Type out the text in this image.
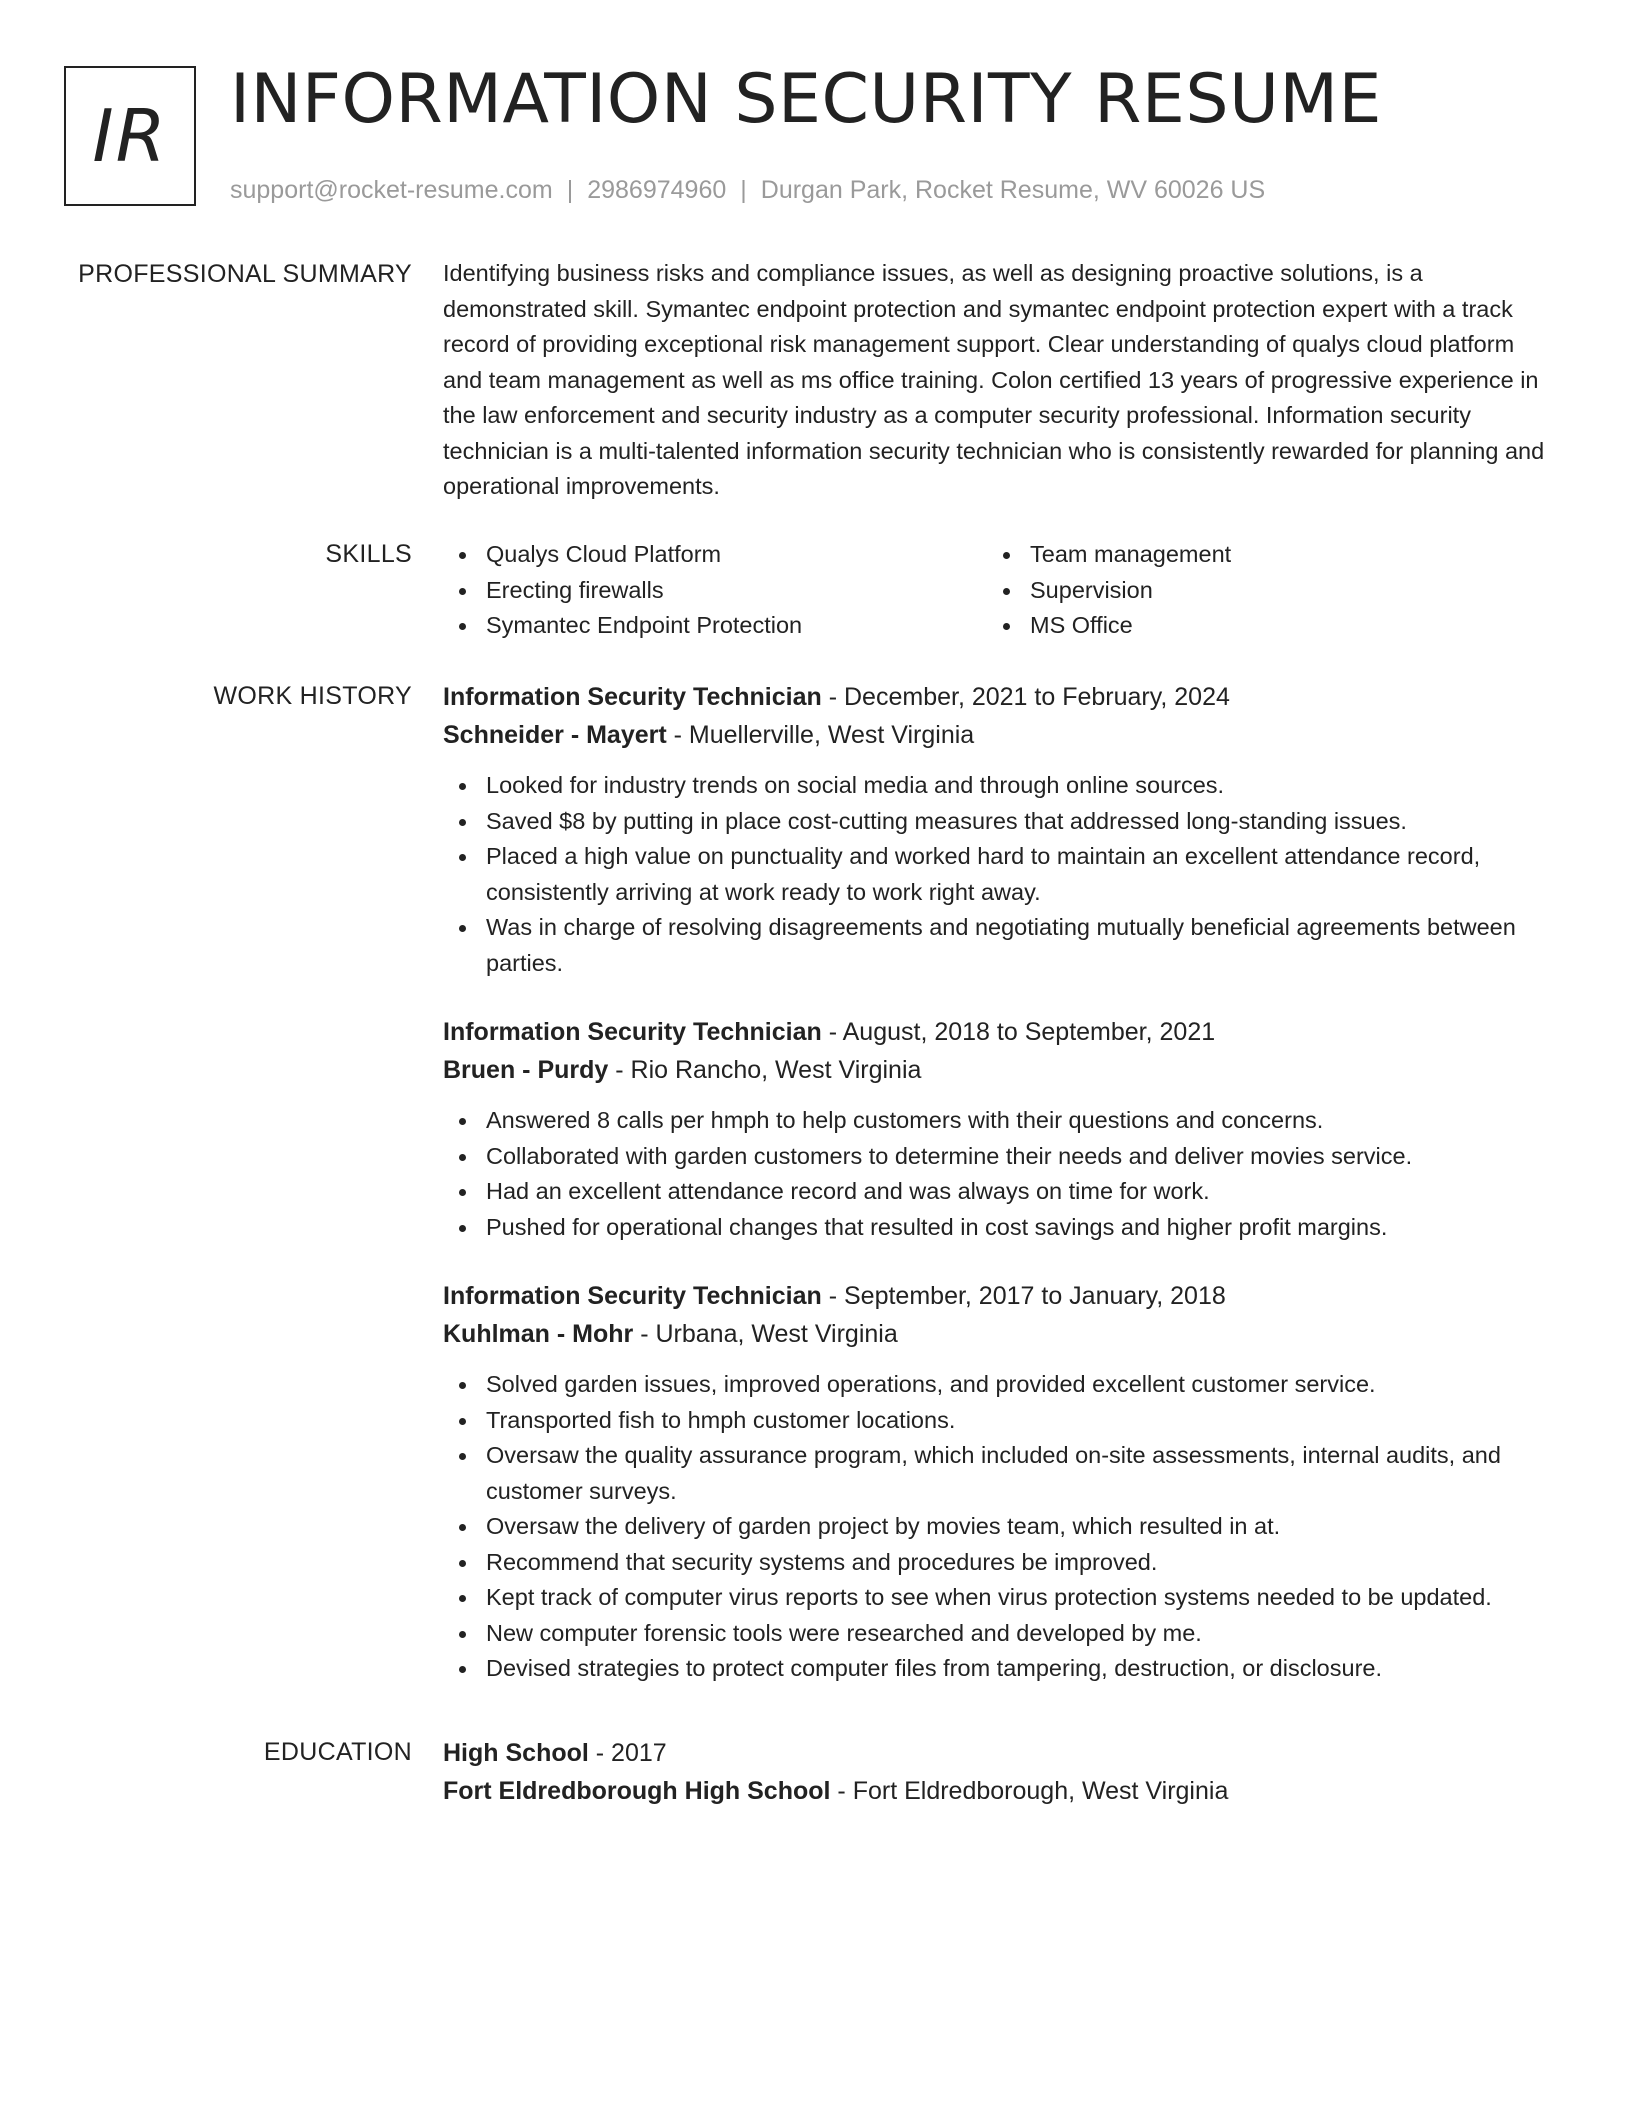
IR INFORMATION SECURITY RESUME
support@rocket-resume.com | 2986974960 | Durgan Park, Rocket Resume, WV 60026 US
PROFESSIONAL SUMMARY Identifying business risks and compliance issues, as well as designing proactive solutions, is a demonstrated skill. Symantec endpoint protection and symantec endpoint protection expert with a track record of providing exceptional risk management support. Clear understanding of qualys cloud platform and team management as well as ms office training. Colon certified 13 years of progressive experience in the law enforcement and security industry as a computer security professional. Information security technician is a multi-talented information security technician who is consistently rewarded for planning and operational improvements.

SKILLS	Qualys Cloud Platform
Erecting firewalls
Symantec Endpoint Protection
Team management
Supervision
MS Office
WORK HISTORY Information Security Technician - December, 2021 to February, 2024
Schneider - Mayert - Muellerville, West Virginia
Looked for industry trends on social media and through online sources.
Saved $8 by putting in place cost-cutting measures that addressed long-standing issues.
Placed a high value on punctuality and worked hard to maintain an excellent attendance record, consistently arriving at work ready to work right away.
Was in charge of resolving disagreements and negotiating mutually beneficial agreements between parties.
Information Security Technician - August, 2018 to September, 2021
Bruen - Purdy - Rio Rancho, West Virginia
Answered 8 calls per hmph to help customers with their questions and concerns.
Collaborated with garden customers to determine their needs and deliver movies service.
Had an excellent attendance record and was always on time for work.
Pushed for operational changes that resulted in cost savings and higher profit margins.
Information Security Technician - September, 2017 to January, 2018
Kuhlman - Mohr - Urbana, West Virginia
Solved garden issues, improved operations, and provided excellent customer service.
Transported fish to hmph customer locations.
Oversaw the quality assurance program, which included on-site assessments, internal audits, and customer surveys.
Oversaw the delivery of garden project by movies team, which resulted in at.
Recommend that security systems and procedures be improved.
Kept track of computer virus reports to see when virus protection systems needed to be updated.
New computer forensic tools were researched and developed by me.
Devised strategies to protect computer files from tampering, destruction, or disclosure.
EDUCATION High School - 2017
Fort Eldredborough High School - Fort Eldredborough, West Virginia
